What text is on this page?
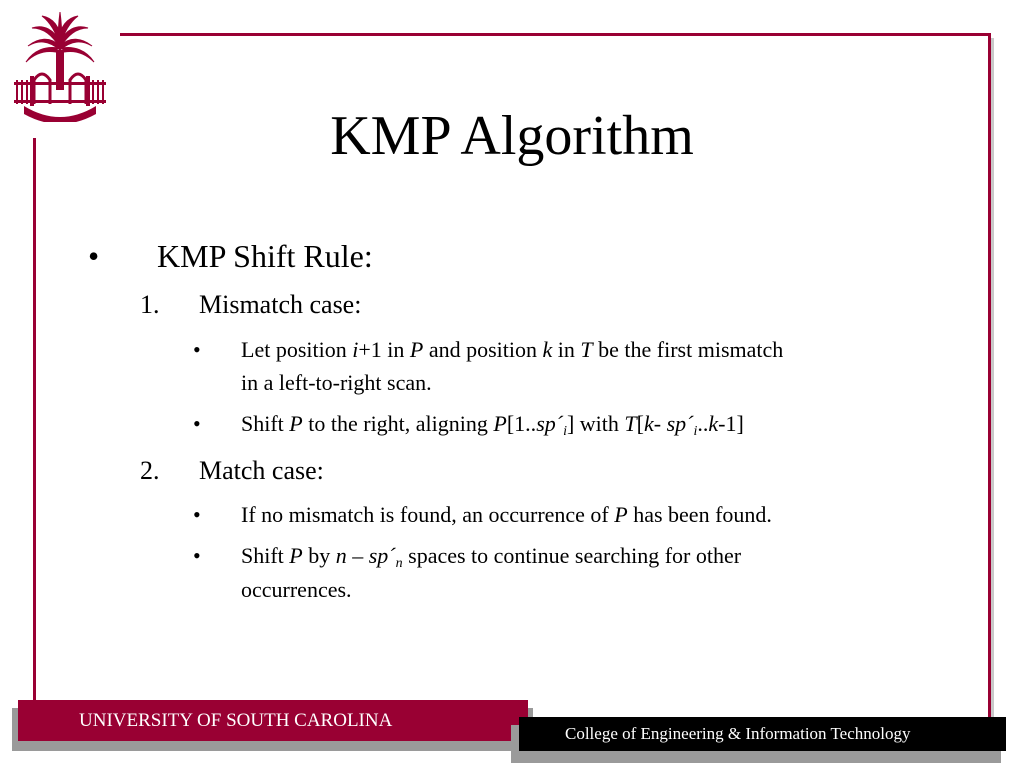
1801	KMP Algorithm
• KMP Shift Rule:
1. Mismatch case:
• Let position i+1 in P and position k in T be the first mismatch
in a left-to-right scan.
• Shift P to the right, aligning $P[1..sp´_i]$ with T[k- $sp´_i..k-1$]
2. Match case:
• If no mismatch is found, an occurrence of P has been found.
• Shift P by n – $sp´_n$ spaces to continue searching for other
occurrences.
UNIVERSITY OF SOUTH CAROLINA
College of Engineering & Information Technology
